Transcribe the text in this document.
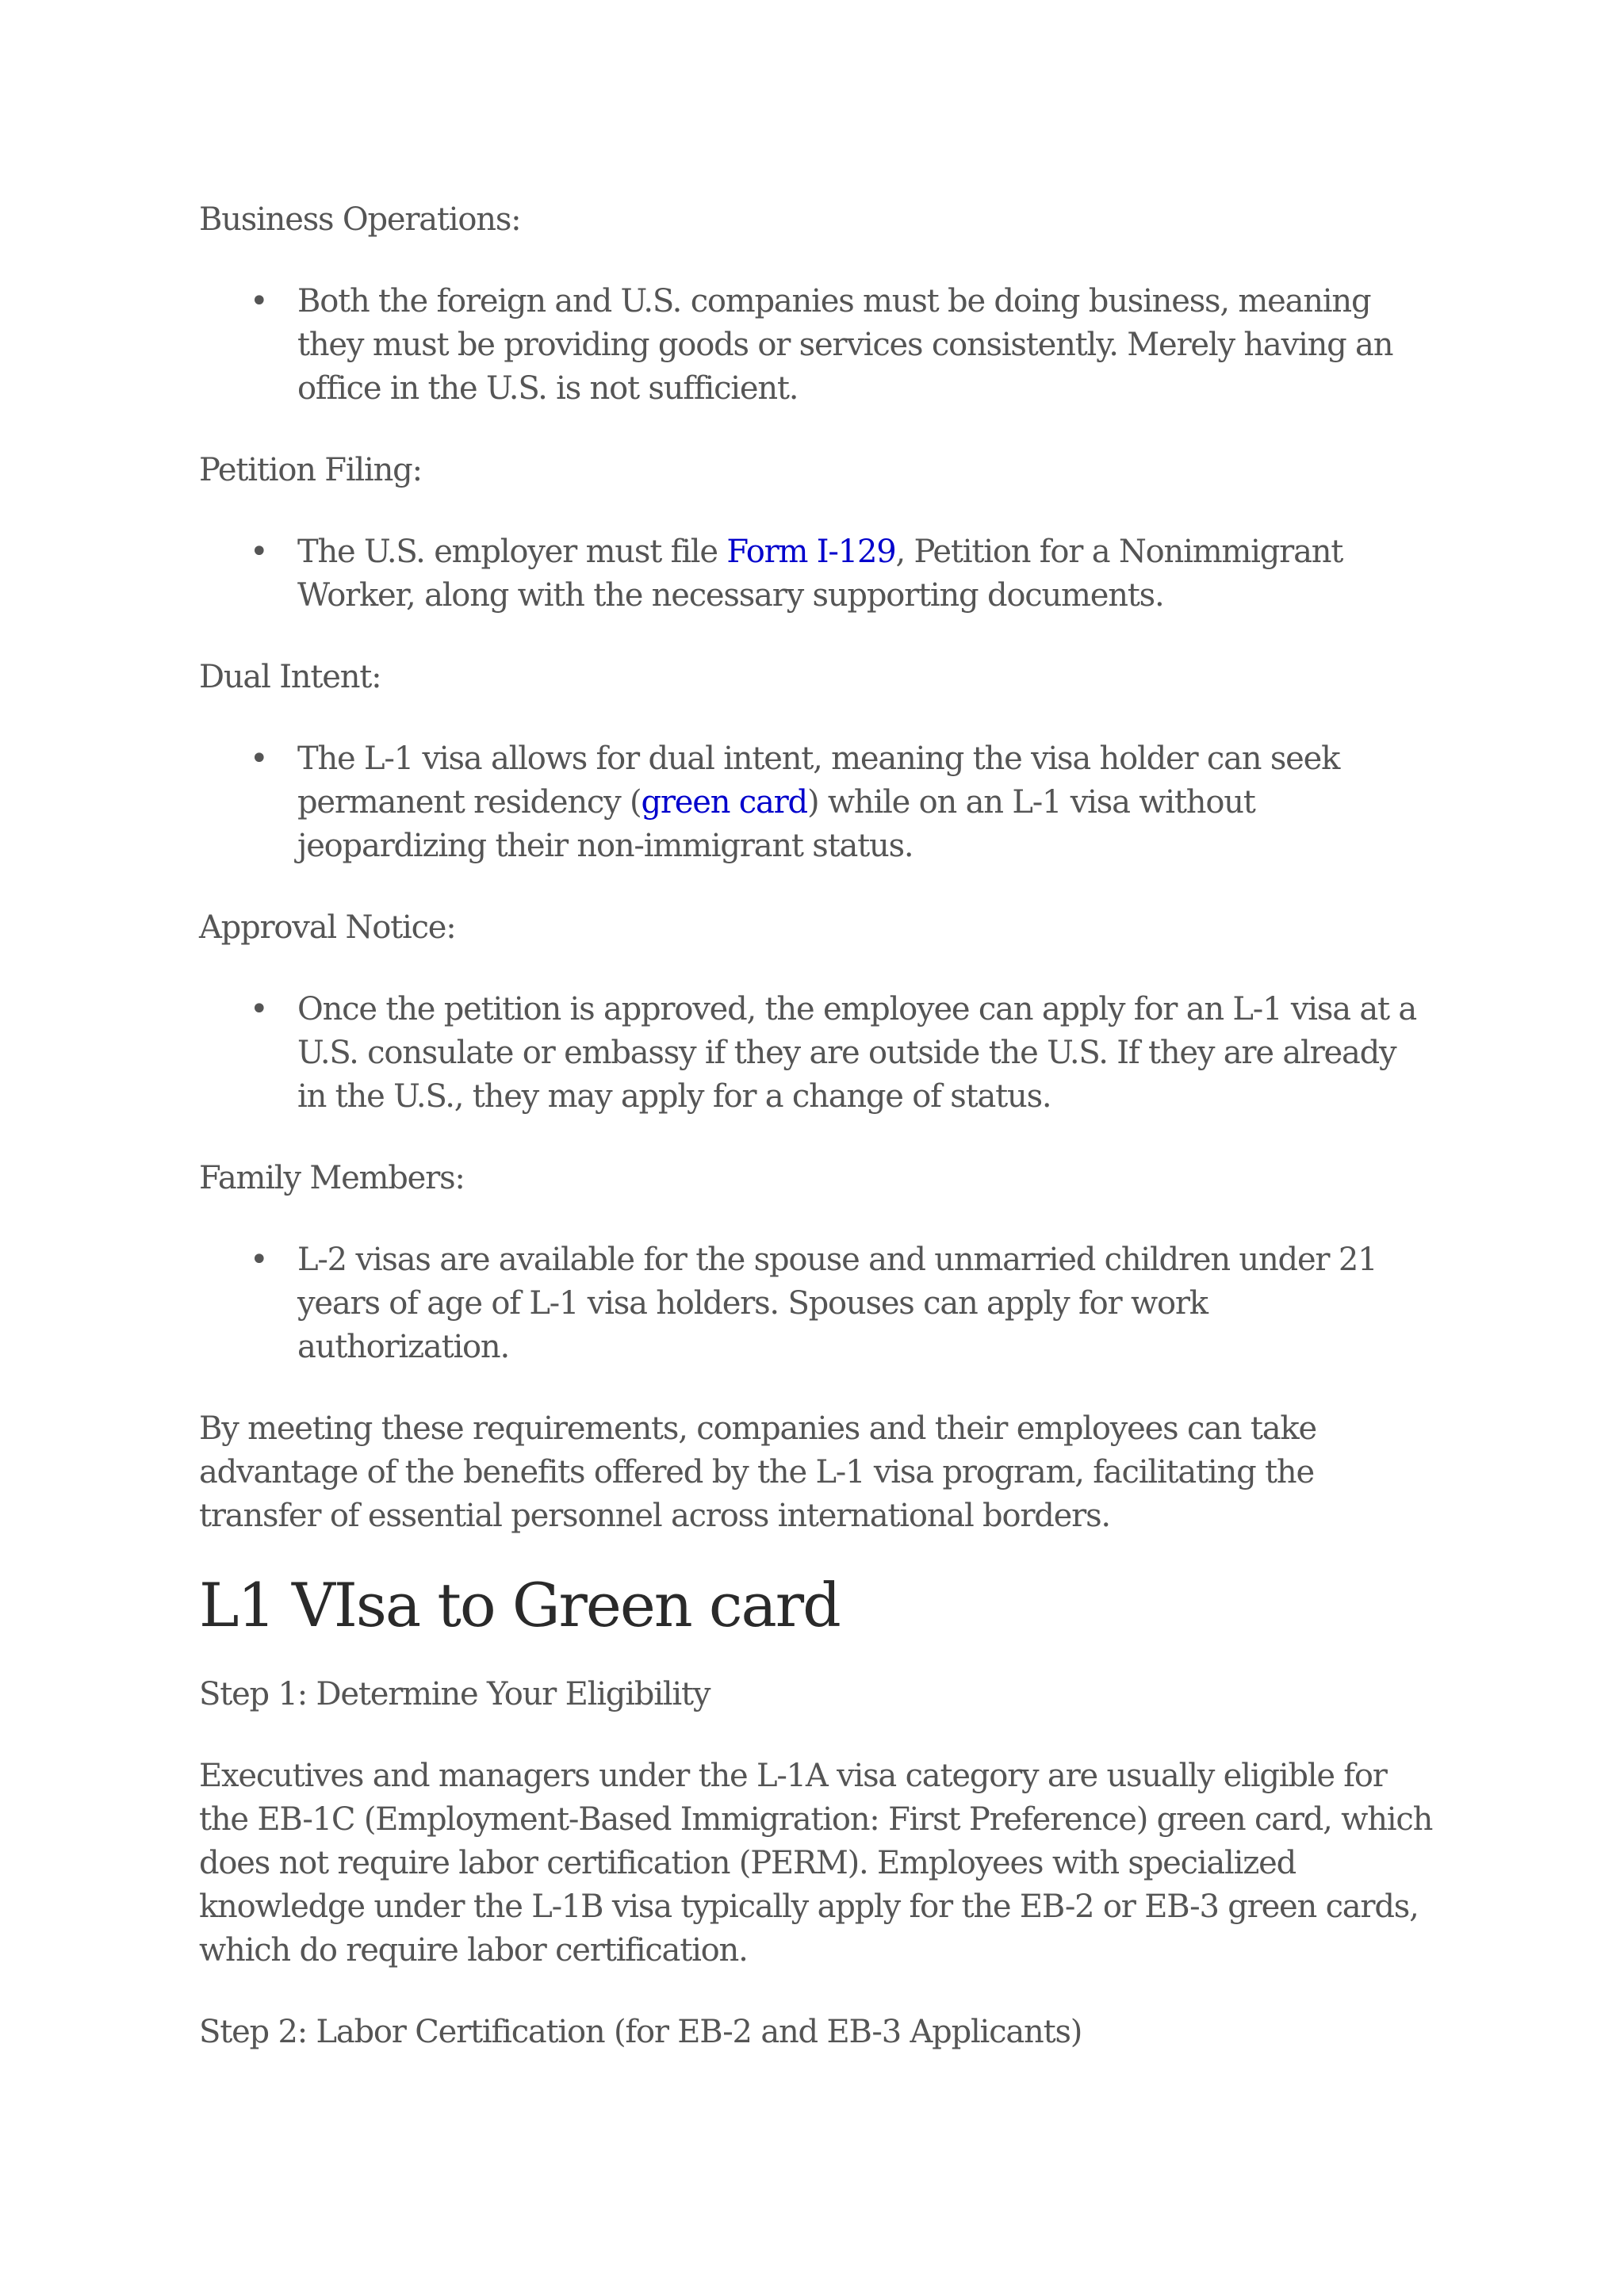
Business Operations:

• Both the foreign and U.S. companies must be doing business, meaning they must be providing goods or services consistently. Merely having an office in the U.S. is not sufficient.

Petition Filing:

• The U.S. employer must file Form I-129, Petition for a Nonimmigrant Worker, along with the necessary supporting documents.

Dual Intent:

• The L-1 visa allows for dual intent, meaning the visa holder can seek permanent residency (green card) while on an L-1 visa without jeopardizing their non-immigrant status.

Approval Notice:

• Once the petition is approved, the employee can apply for an L-1 visa at a U.S. consulate or embassy if they are outside the U.S. If they are already in the U.S., they may apply for a change of status.

Family Members:

• L-2 visas are available for the spouse and unmarried children under 21 years of age of L-1 visa holders. Spouses can apply for work authorization.

By meeting these requirements, companies and their employees can take advantage of the benefits offered by the L-1 visa program, facilitating the transfer of essential personnel across international borders.

L1 VIsa to Green card

Step 1: Determine Your Eligibility

Executives and managers under the L-1A visa category are usually eligible for the EB-1C (Employment-Based Immigration: First Preference) green card, which does not require labor certification (PERM). Employees with specialized knowledge under the L-1B visa typically apply for the EB-2 or EB-3 green cards, which do require labor certification.

Step 2: Labor Certification (for EB-2 and EB-3 Applicants)
